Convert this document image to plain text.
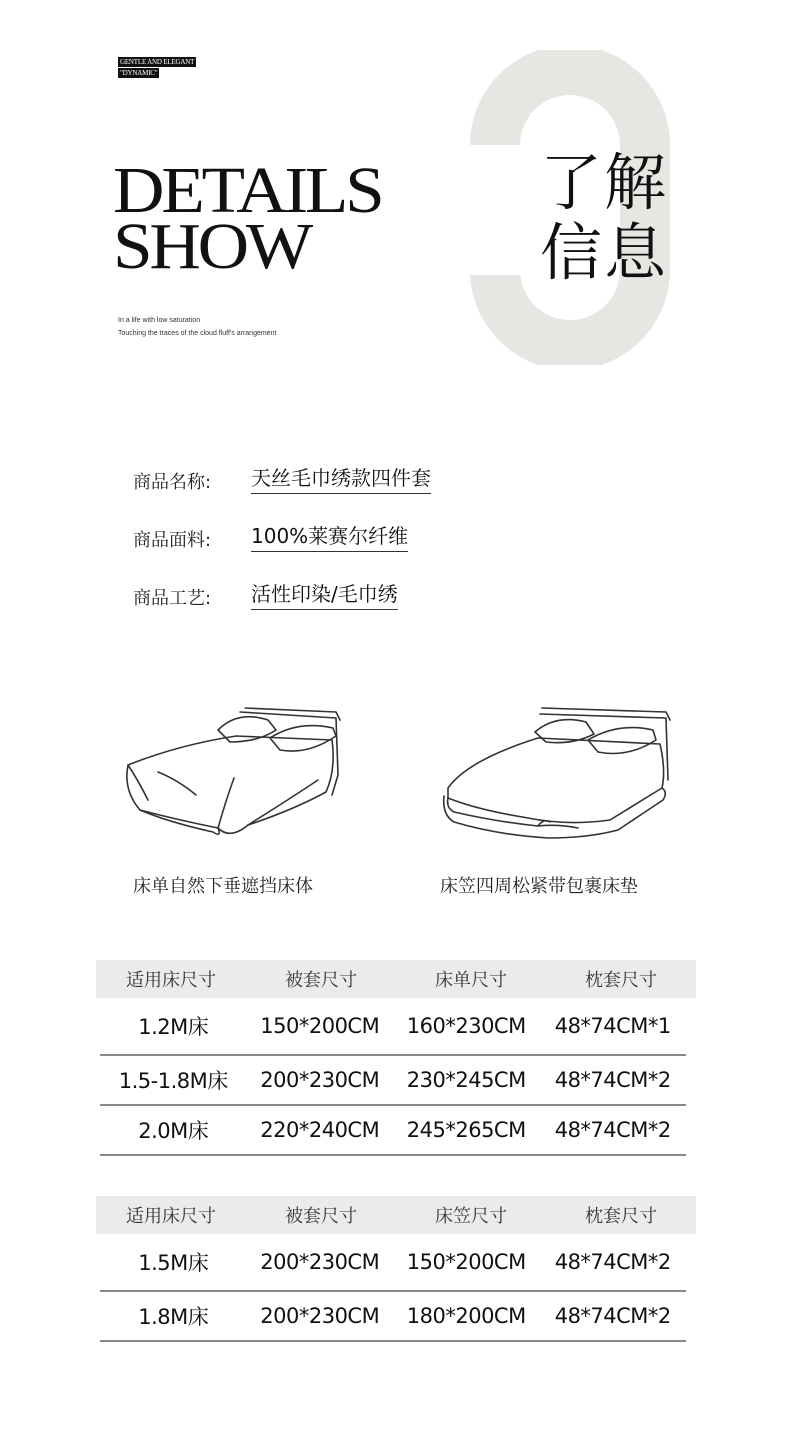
GENTLE AND ELEGANT
"DYNAMIC"
DETAILS
SHOW
了解
信息
In a life with low saturation
Touching the traces of the cloud fluff's arrangement
商品名称:	天丝毛巾绣款四件套
商品面料:	100%莱赛尔纤维
商品工艺:	活性印染/毛巾绣
床单自然下垂遮挡床体	床笠四周松紧带包裹床垫
适用床尺寸	被套尺寸	床单尺寸	枕套尺寸
1.2M床	150*200CM	160*230CM	48*74CM*1
1.5-1.8M床	200*230CM	230*245CM	48*74CM*2
2.0M床	220*240CM	245*265CM	48*74CM*2
适用床尺寸	被套尺寸	床笠尺寸	枕套尺寸
1.5M床	200*230CM	150*200CM	48*74CM*2
1.8M床	200*230CM	180*200CM	48*74CM*2
